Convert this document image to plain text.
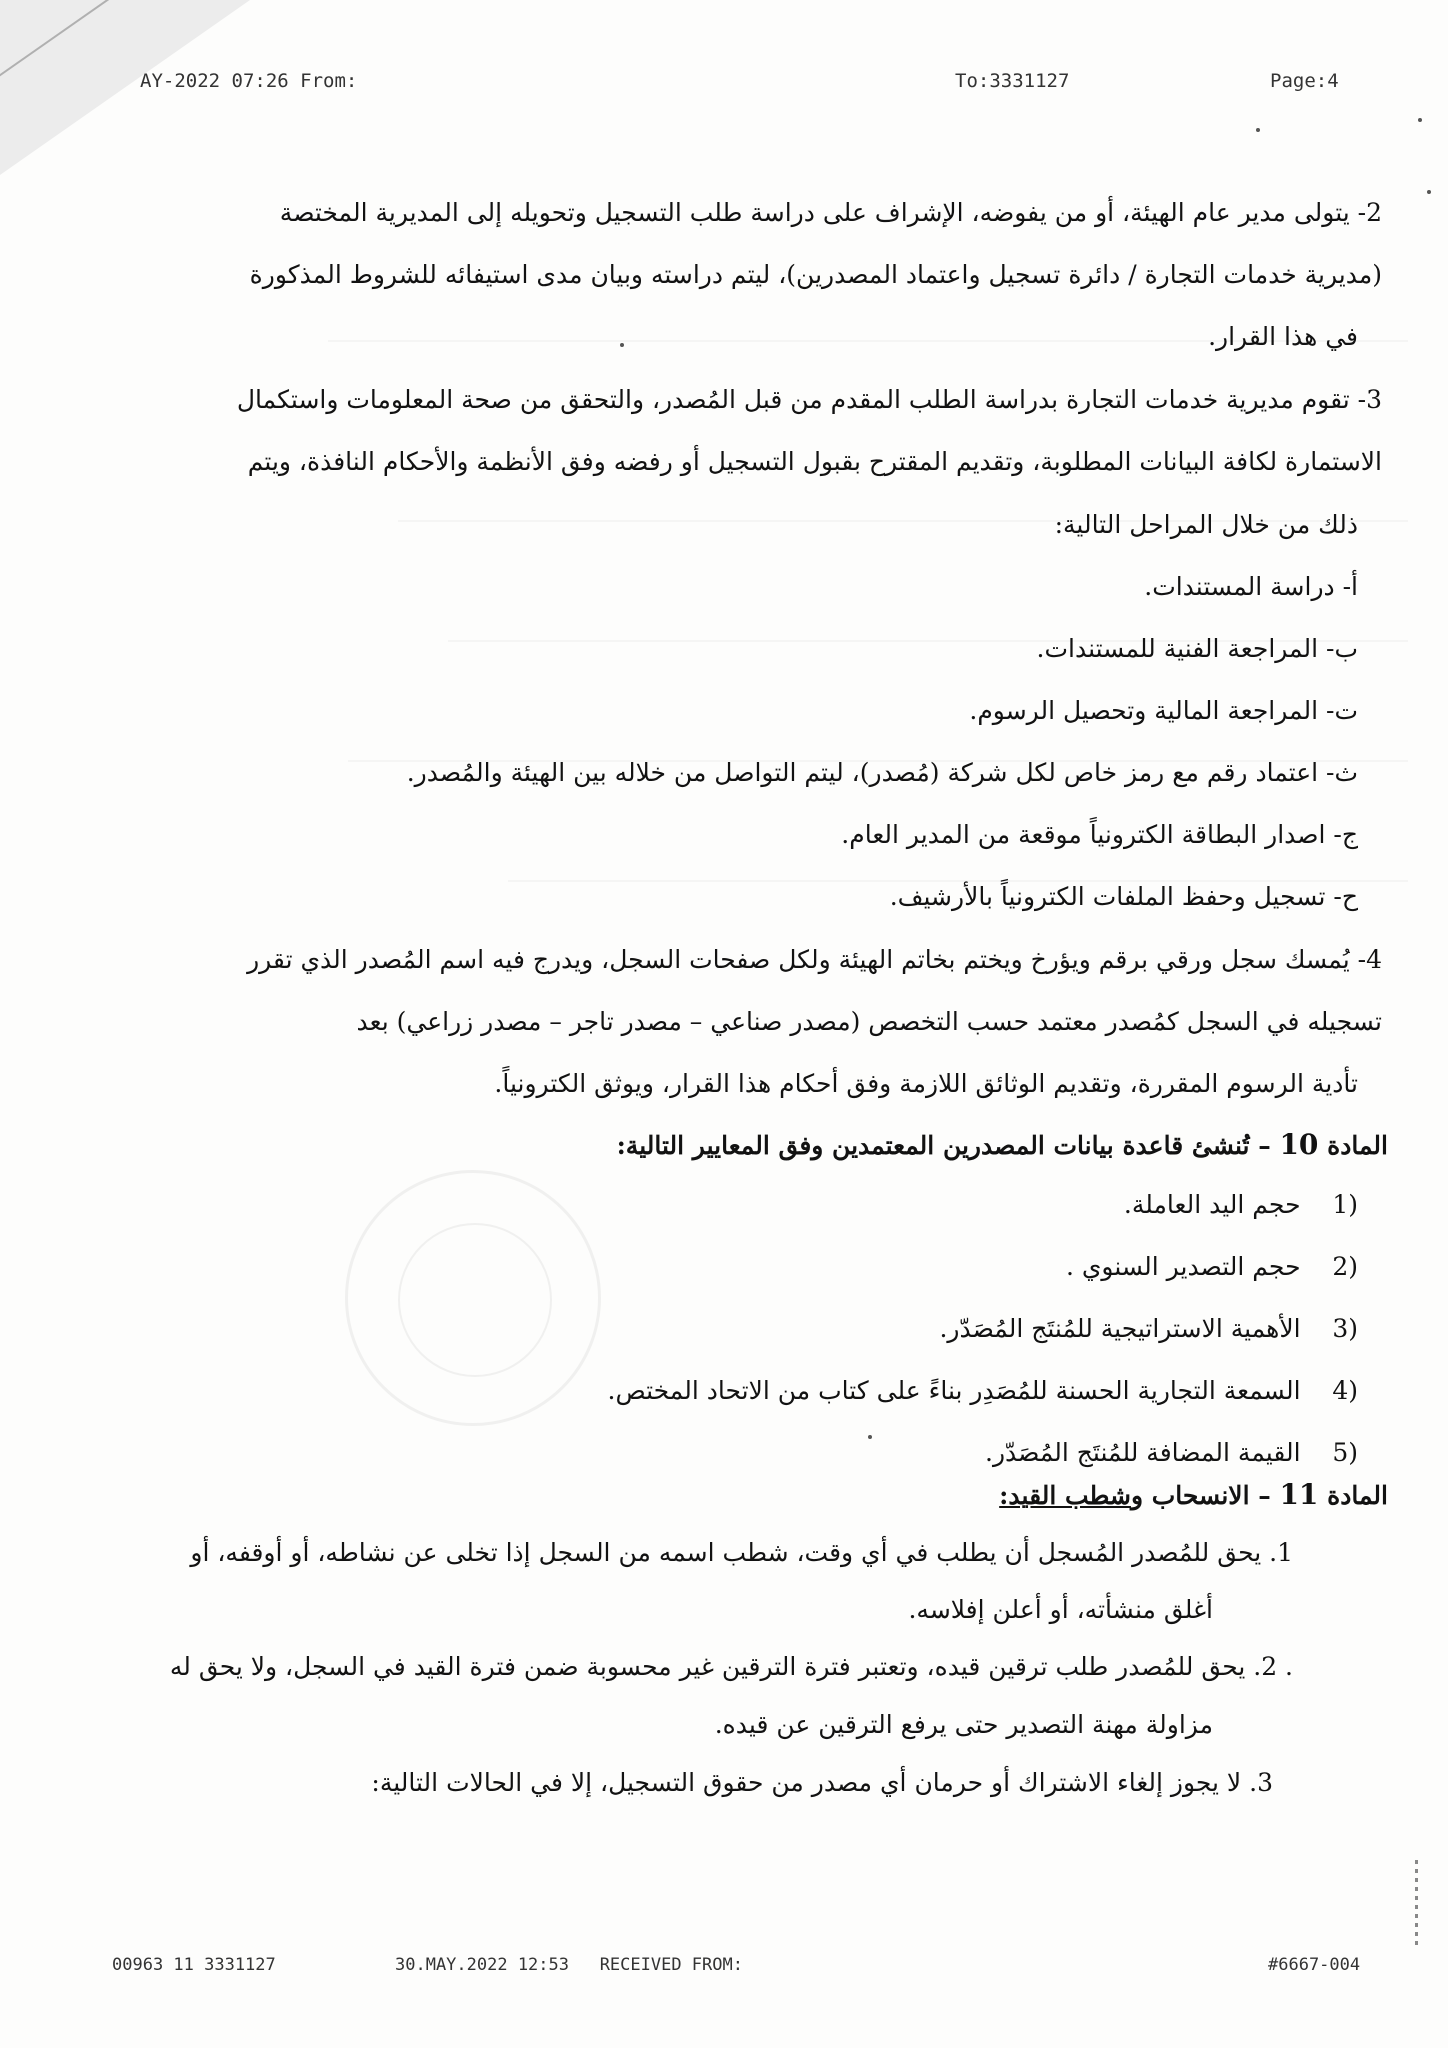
AY-2022 07:26 From:	To:3331127	Page:4
2- يتولى مدير عام الهيئة، أو من يفوضه، الإشراف على دراسة طلب التسجيل وتحويله إلى المديرية المختصة
(مديرية خدمات التجارة / دائرة تسجيل واعتماد المصدرين)، ليتم دراسته وبيان مدى استيفائه للشروط المذكورة
في هذا القرار.
3- تقوم مديرية خدمات التجارة بدراسة الطلب المقدم من قبل المُصدر، والتحقق من صحة المعلومات واستكمال
الاستمارة لكافة البيانات المطلوبة، وتقديم المقترح بقبول التسجيل أو رفضه وفق الأنظمة والأحكام النافذة، ويتم
ذلك من خلال المراحل التالية:
أ- دراسة المستندات.
ب- المراجعة الفنية للمستندات.
ت- المراجعة المالية وتحصيل الرسوم.
ث- اعتماد رقم مع رمز خاص لكل شركة (مُصدر)، ليتم التواصل من خلاله بين الهيئة والمُصدر.
ج- اصدار البطاقة الكترونياً موقعة من المدير العام.
ح- تسجيل وحفظ الملفات الكترونياً بالأرشيف.
4- يُمسك سجل ورقي برقم ويؤرخ ويختم بخاتم الهيئة ولكل صفحات السجل، ويدرج فيه اسم المُصدر الذي تقرر
تسجيله في السجل كمُصدر معتمد حسب التخصص (مصدر صناعي – مصدر تاجر – مصدر زراعي) بعد
تأدية الرسوم المقررة، وتقديم الوثائق اللازمة وفق أحكام هذا القرار، ويوثق الكترونياً.
المادة 10 – تُنشئ قاعدة بيانات المصدرين المعتمدين وفق المعايير التالية:
1)    حجم اليد العاملة.
2)    حجم التصدير السنوي .
3)    الأهمية الاستراتيجية للمُنتَج المُصَدّر.
4)    السمعة التجارية الحسنة للمُصَدِر بناءً على كتاب من الاتحاد المختص.
5)    القيمة المضافة للمُنتَج المُصَدّر.
المادة 11 – الانسحاب وشطب القيد:
1. يحق للمُصدر المُسجل أن يطلب في أي وقت، شطب اسمه من السجل إذا تخلى عن نشاطه، أو أوقفه، أو
أغلق منشأته، أو أعلن إفلاسه.
. 2. يحق للمُصدر طلب ترقين قيده، وتعتبر فترة الترقين غير محسوبة ضمن فترة القيد في السجل، ولا يحق له
مزاولة مهنة التصدير حتى يرفع الترقين عن قيده.
3. لا يجوز إلغاء الاشتراك أو حرمان أي مصدر من حقوق التسجيل، إلا في الحالات التالية:
00963 11 3331127	30.MAY.2022 12:53   RECEIVED FROM:	#6667-004
